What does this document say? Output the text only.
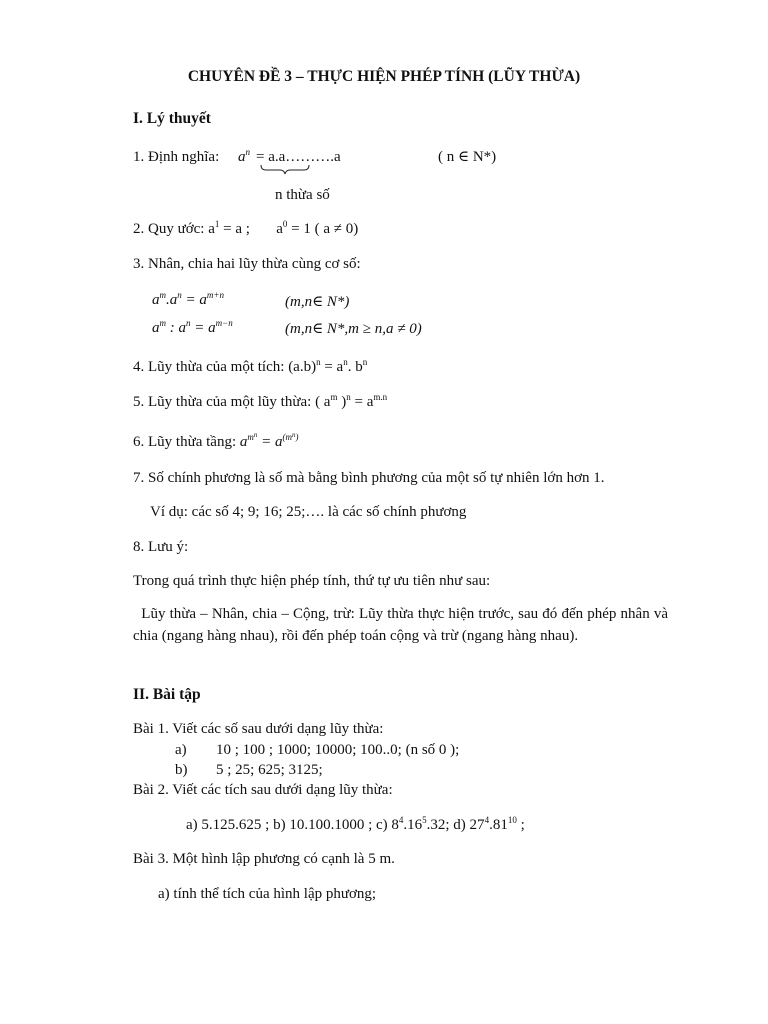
CHUYÊN ĐỀ 3 – THỰC HIỆN PHÉP TÍNH (LŨY THỪA)
I. Lý thuyết
1. Định nghĩa: $a^n$ = a.a……….a	( n ∈ N*)
n thừa số
2. Quy ước: $a^1 = a$ ;       $a^0 = 1$ ( a ≠ 0)
3. Nhân, chia hai lũy thừa cùng cơ số:
$a^m.a^n = a^{m+n}$	(m,n∈ N*)
$a^m$ : $a^n = a^{m-n}$	(m,n∈ N*,m ≥ n,a ≠ 0)
4. Lũy thừa của một tích: $(a.b)^n = a^n$. $b^n$
5. Lũy thừa của một lũy thừa: ( $a^m$ )$^n = a^{m.n}$
6. Lũy thừa tầng: $a^{m^n} = a^{(m^n)}$
7. Số chính phương là số mà bằng bình phương của một số tự nhiên lớn hơn 1.
Ví dụ: các số 4; 9; 16; 25;…. là các số chính phương
8. Lưu ý:
Trong quá trình thực hiện phép tính, thứ tự ưu tiên như sau:
Lũy thừa – Nhân, chia – Cộng, trừ: Lũy thừa thực hiện trước, sau đó đến phép nhân và chia (ngang hàng nhau), rồi đến phép toán cộng và trừ (ngang hàng nhau).
II. Bài tập
Bài 1. Viết các số sau dưới dạng lũy thừa:
a) 10 ; 100 ; 1000; 10000; 100..0; (n số 0 );
b) 5 ; 25; 625; 3125;
Bài 2. Viết các tích sau dưới dạng lũy thừa:
a) 5.125.625 ; b) 10.100.1000 ; c) $8^4.16^5.32$; d) $27^4.81^{10}$ ;
Bài 3. Một hình lập phương có cạnh là 5 m.
a) tính thể tích của hình lập phương;
